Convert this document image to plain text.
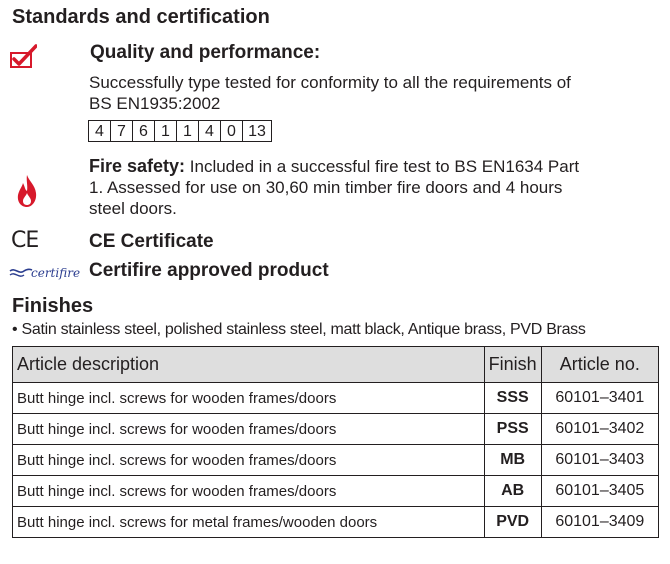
Standards and certification
Quality and performance:
Successfully type tested for conformity to all the requirements of
BS EN1935:2002
4 7 6 1 1 4 0 13
Fire safety: Included in a successful fire test to BS EN1634 Part
1. Assessed for use on 30,60 min timber fire doors and 4 hours
steel doors.
CE	CE Certificate
certifire Certifire approved product
Finishes
• Satin stainless steel, polished stainless steel, matt black, Antique brass, PVD Brass
Article description	Finish	Article no.
Butt hinge incl. screws for wooden frames/doors	SSS	60101–3401
Butt hinge incl. screws for wooden frames/doors	PSS	60101–3402
Butt hinge incl. screws for wooden frames/doors	MB	60101–3403
Butt hinge incl. screws for wooden frames/doors	AB	60101–3405
Butt hinge incl. screws for metal frames/wooden doors	PVD	60101–3409
